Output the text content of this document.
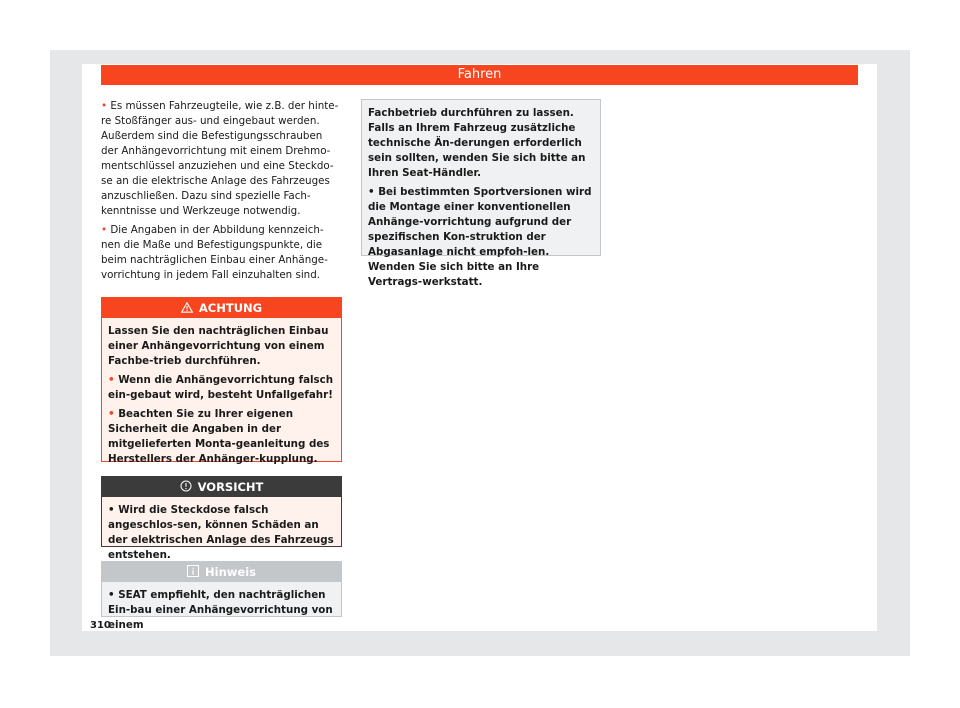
Fahren

• Es müssen Fahrzeugteile, wie z.B. der hinte-re Stoßfänger aus- und eingebaut werden. Außerdem sind die Befestigungsschrauben der Anhängevorrichtung mit einem Drehmo-mentschlüssel anzuziehen und eine Steckdo-se an die elektrische Anlage des Fahrzeuges anzuschließen. Dazu sind spezielle Fach-kenntnisse und Werkzeuge notwendig.

• Die Angaben in der Abbildung kennzeich-nen die Maße und Befestigungspunkte, die beim nachträglichen Einbau einer Anhänge-vorrichtung in jedem Fall einzuhalten sind.

ACHTUNG

Lassen Sie den nachträglichen Einbau einer Anhängevorrichtung von einem Fachbe-trieb durchführen.

• Wenn die Anhängevorrichtung falsch ein-gebaut wird, besteht Unfallgefahr!

• Beachten Sie zu Ihrer eigenen Sicherheit die Angaben in der mitgelieferten Monta-geanleitung des Herstellers der Anhänger-kupplung.

VORSICHT

• Wird die Steckdose falsch angeschlos-sen, können Schäden an der elektrischen Anlage des Fahrzeugs entstehen.

Hinweis

• SEAT empfiehlt, den nachträglichen Ein-bau einer Anhängevorrichtung von einem

Fachbetrieb durchführen zu lassen. Falls an Ihrem Fahrzeug zusätzliche technische Än-derungen erforderlich sein sollten, wenden Sie sich bitte an Ihren Seat-Händler.

• Bei bestimmten Sportversionen wird die Montage einer konventionellen Anhänge-vorrichtung aufgrund der spezifischen Kon-struktion der Abgasanlage nicht empfoh-len. Wenden Sie sich bitte an Ihre Vertrags-werkstatt.

310
